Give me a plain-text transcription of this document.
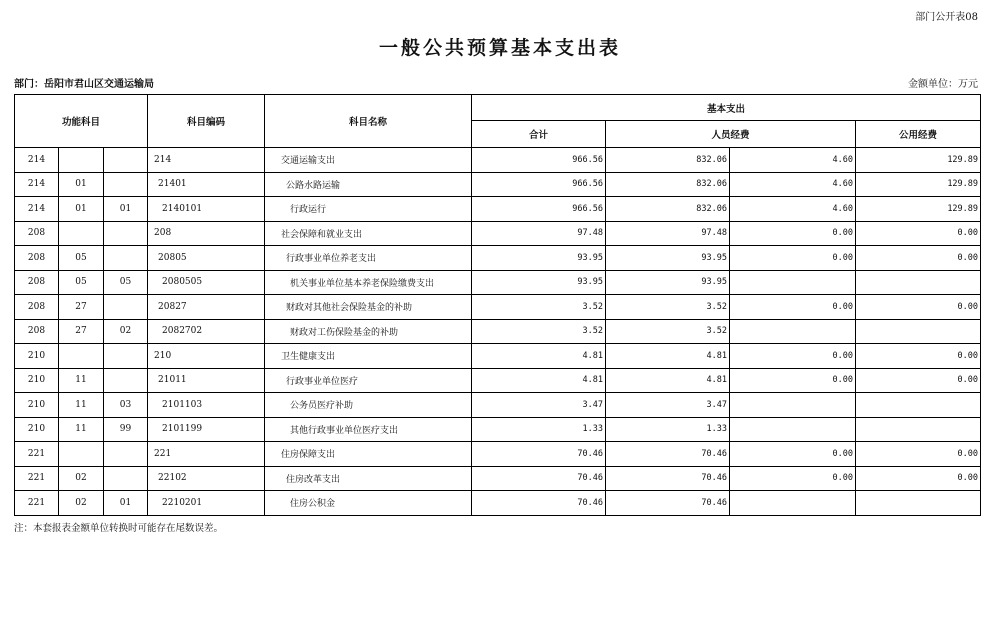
部门公开表08
一般公共预算基本支出表
部门：岳阳市君山区交通运输局	金额单位：万元
功能科目			科目编码	科目名称	基本支出			
					合计	人员经费		公用经费
214			214	交通运输支出	966.56	832.06	4.60	129.89
214	01		21401	公路水路运输	966.56	832.06	4.60	129.89
214	01	01	2140101	行政运行	966.56	832.06	4.60	129.89
208			208	社会保障和就业支出	97.48	97.48	0.00	0.00
208	05		20805	行政事业单位养老支出	93.95	93.95	0.00	0.00
208	05	05	2080505	机关事业单位基本养老保险缴费支出	93.95	93.95		
208	27		20827	财政对其他社会保险基金的补助	3.52	3.52	0.00	0.00
208	27	02	2082702	财政对工伤保险基金的补助	3.52	3.52		
210			210	卫生健康支出	4.81	4.81	0.00	0.00
210	11		21011	行政事业单位医疗	4.81	4.81	0.00	0.00
210	11	03	2101103	公务员医疗补助	3.47	3.47		
210	11	99	2101199	其他行政事业单位医疗支出	1.33	1.33		
221			221	住房保障支出	70.46	70.46	0.00	0.00
221	02		22102	住房改革支出	70.46	70.46	0.00	0.00
221	02	01	2210201	住房公积金	70.46	70.46		
注：本套报表金额单位转换时可能存在尾数误差。
